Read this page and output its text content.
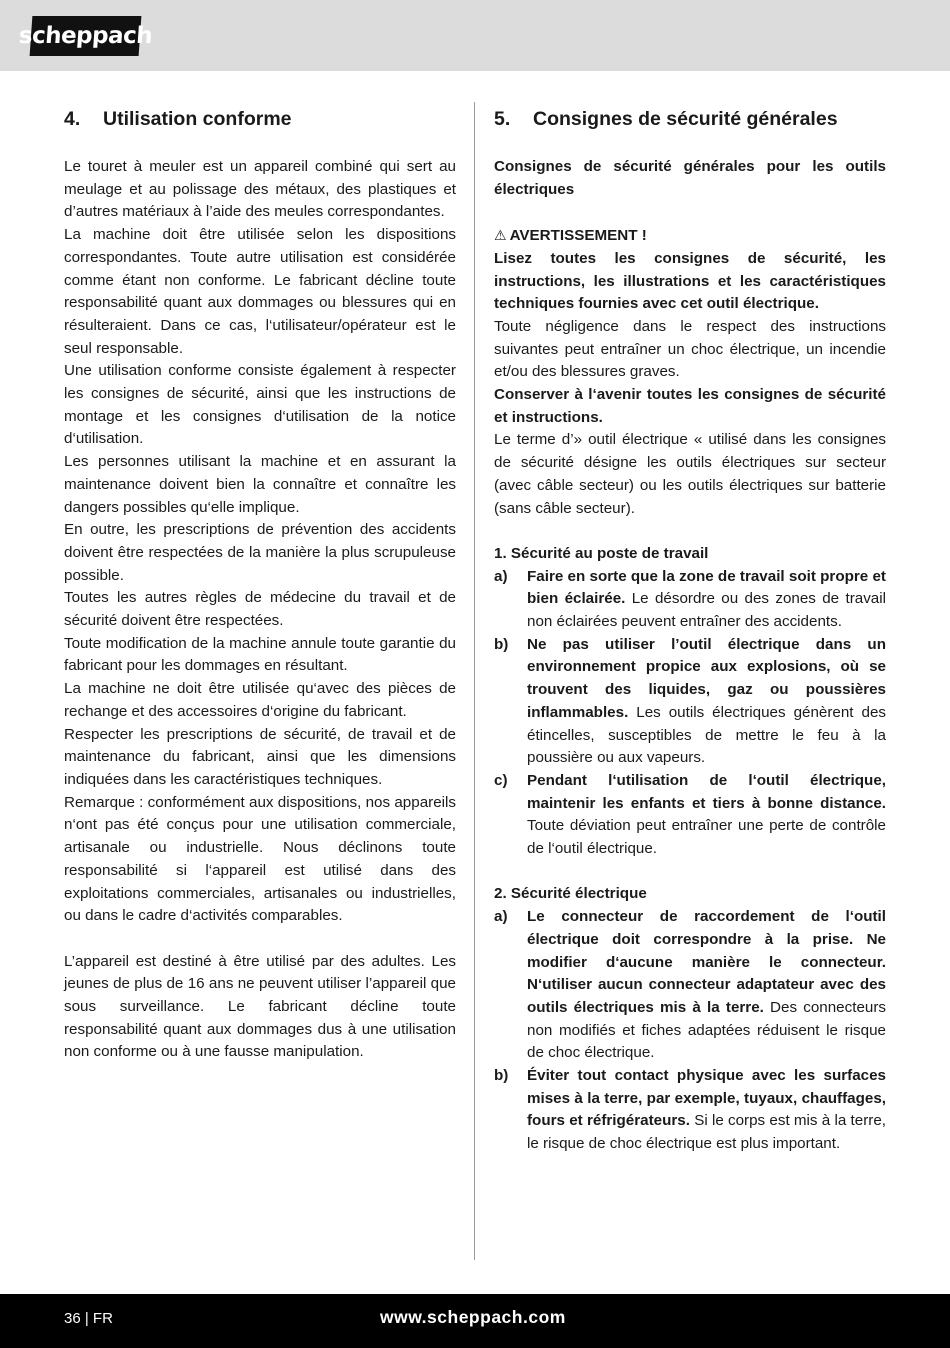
scheppach
4.	Utilisation conforme

Le touret à meuler est un appareil combiné qui sert au meulage et au polissage des métaux, des plastiques et d’autres matériaux à l’aide des meules correspondantes.

La machine doit être utilisée selon les dispositions correspondantes. Toute autre utilisation est considérée comme étant non conforme. Le fabricant décline toute responsabilité quant aux dommages ou blessures qui en résulteraient. Dans ce cas, l‘utilisateur/opérateur est le seul responsable.

Une utilisation conforme consiste également à respecter les consignes de sécurité, ainsi que les instructions de montage et les consignes d‘utilisation de la notice d‘utilisation.

Les personnes utilisant la machine et en assurant la maintenance doivent bien la connaître et connaître les dangers possibles qu‘elle implique.

En outre, les prescriptions de prévention des accidents doivent être respectées de la manière la plus scrupuleuse possible.

Toutes les autres règles de médecine du travail et de sécurité doivent être respectées.

Toute modification de la machine annule toute garantie du fabricant pour les dommages en résultant.

La machine ne doit être utilisée qu‘avec des pièces de rechange et des accessoires d‘origine du fabricant.

Respecter les prescriptions de sécurité, de travail et de maintenance du fabricant, ainsi que les dimensions indiquées dans les caractéristiques techniques.

Remarque : conformément aux dispositions, nos appareils n‘ont pas été conçus pour une utilisation commerciale, artisanale ou industrielle. Nous déclinons toute responsabilité si l‘appareil est utilisé dans des exploitations commerciales, artisanales ou industrielles, ou dans le cadre d‘activités comparables.

L’appareil est destiné à être utilisé par des adultes. Les jeunes de plus de 16 ans ne peuvent utiliser l’appareil que sous surveillance. Le fabricant décline toute responsabilité quant aux dommages dus à une utilisation non conforme ou à une fausse manipulation.

5.	Consignes de sécurité générales

Consignes de sécurité générales pour les outils électriques

⚠ AVERTISSEMENT !

Lisez toutes les consignes de sécurité, les instructions, les illustrations et les caractéristiques techniques fournies avec cet outil électrique.

Toute négligence dans le respect des instructions suivantes peut entraîner un choc électrique, un incendie et/ou des blessures graves.

Conserver à l‘avenir toutes les consignes de sécurité et instructions.

Le terme d’» outil électrique « utilisé dans les consignes de sécurité désigne les outils électriques sur secteur (avec câble secteur) ou les outils électriques sur batterie (sans câble secteur).

1. Sécurité au poste de travail

a)	Faire en sorte que la zone de travail soit propre et bien éclairée. Le désordre ou des zones de travail non éclairées peuvent entraîner des accidents.
b)	Ne pas utiliser l’outil électrique dans un environnement propice aux explosions, où se trouvent des liquides, gaz ou poussières inflammables. Les outils électriques génèrent des étincelles, susceptibles de mettre le feu à la poussière ou aux vapeurs.
c)	Pendant l‘utilisation de l‘outil électrique, maintenir les enfants et tiers à bonne distance. Toute déviation peut entraîner une perte de contrôle de l‘outil électrique.

2. Sécurité électrique

a)	Le connecteur de raccordement de l‘outil électrique doit correspondre à la prise. Ne modifier d‘aucune manière le connecteur. N‘utiliser aucun connecteur adaptateur avec des outils électriques mis à la terre. Des connecteurs non modifiés et fiches adaptées réduisent le risque de choc électrique.
b)	Éviter tout contact physique avec les surfaces mises à la terre, par exemple, tuyaux, chauffages, fours et réfrigérateurs. Si le corps est mis à la terre, le risque de choc électrique est plus important.
36 | FR	www.scheppach.com
